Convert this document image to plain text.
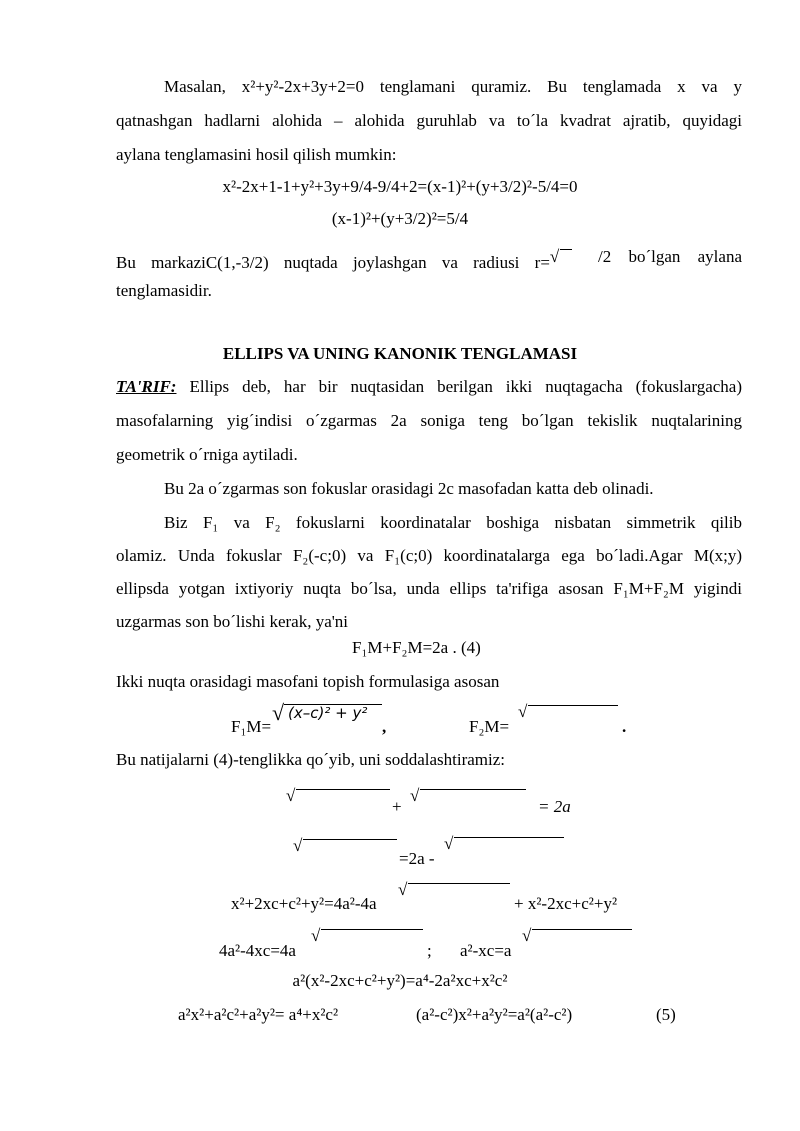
Masalan, x²+y²-2x+3y+2=0 tenglamani quramiz. Bu tenglamada x va y
qatnashgan hadlarni alohida – alohida guruhlab va to´la kvadrat ajratib, quyidagi
aylana tenglamasini hosil qilish mumkin:
x²-2x+1-1+y²+3y+9/4-9/4+2=(x-1)²+(y+3/2)²-5/4=0
(x-1)²+(y+3/2)²=5/4
Bu markaziC(1,-3/2) nuqtada joylashgan va radiusi r= √ /2 bo´lgan aylana
tenglamasidir.
ELLIPS VA UNING KANONIK TENGLAMASI
TA'RIF: Ellips deb, har bir nuqtasidan berilgan ikki nuqtagacha (fokuslargacha)
masofalarning yig´indisi o´zgarmas 2a soniga teng bo´lgan tekislik nuqtalarining
geometrik o´rniga aytiladi.
Bu 2a o´zgarmas son fokuslar orasidagi 2c masofadan katta deb olinadi.
Biz F₁ va F₂ fokuslarni koordinatalar boshiga nisbatan simmetrik qilib
olamiz. Unda fokuslar F₂(-c;0) va F₁(c;0) koordinatalarga ega bo´ladi.Agar M(x;y)
ellipsda yotgan ixtiyoriy nuqta bo´lsa, unda ellips ta'rifiga asosan F₁M+F₂M yigindi
uzgarmas son bo´lishi kerak, ya'ni
F₁M+F₂M=2a . (4)
Ikki nuqta orasidagi masofani topish formulasiga asosan
F₁M=
√ (x–c)² + y²
,	F₂M=
√
.
Bu natijalarni (4)-tenglikka qo´yib, uni soddalashtiramiz:
√
+
√
= 2a
√
=2a -
√
x²+2xc+c²+y²=4a²-4a
√
+ x²-2xc+c²+y²
4a²-4xc=4a
√
; a²-xc=a
√
a²(x²-2xc+c²+y²)=a⁴-2a²xc+x²c²
a²x²+a²c²+a²y²= a⁴+x²c²	(a²-c²)x²+a²y²=a²(a²-c²)	(5)
